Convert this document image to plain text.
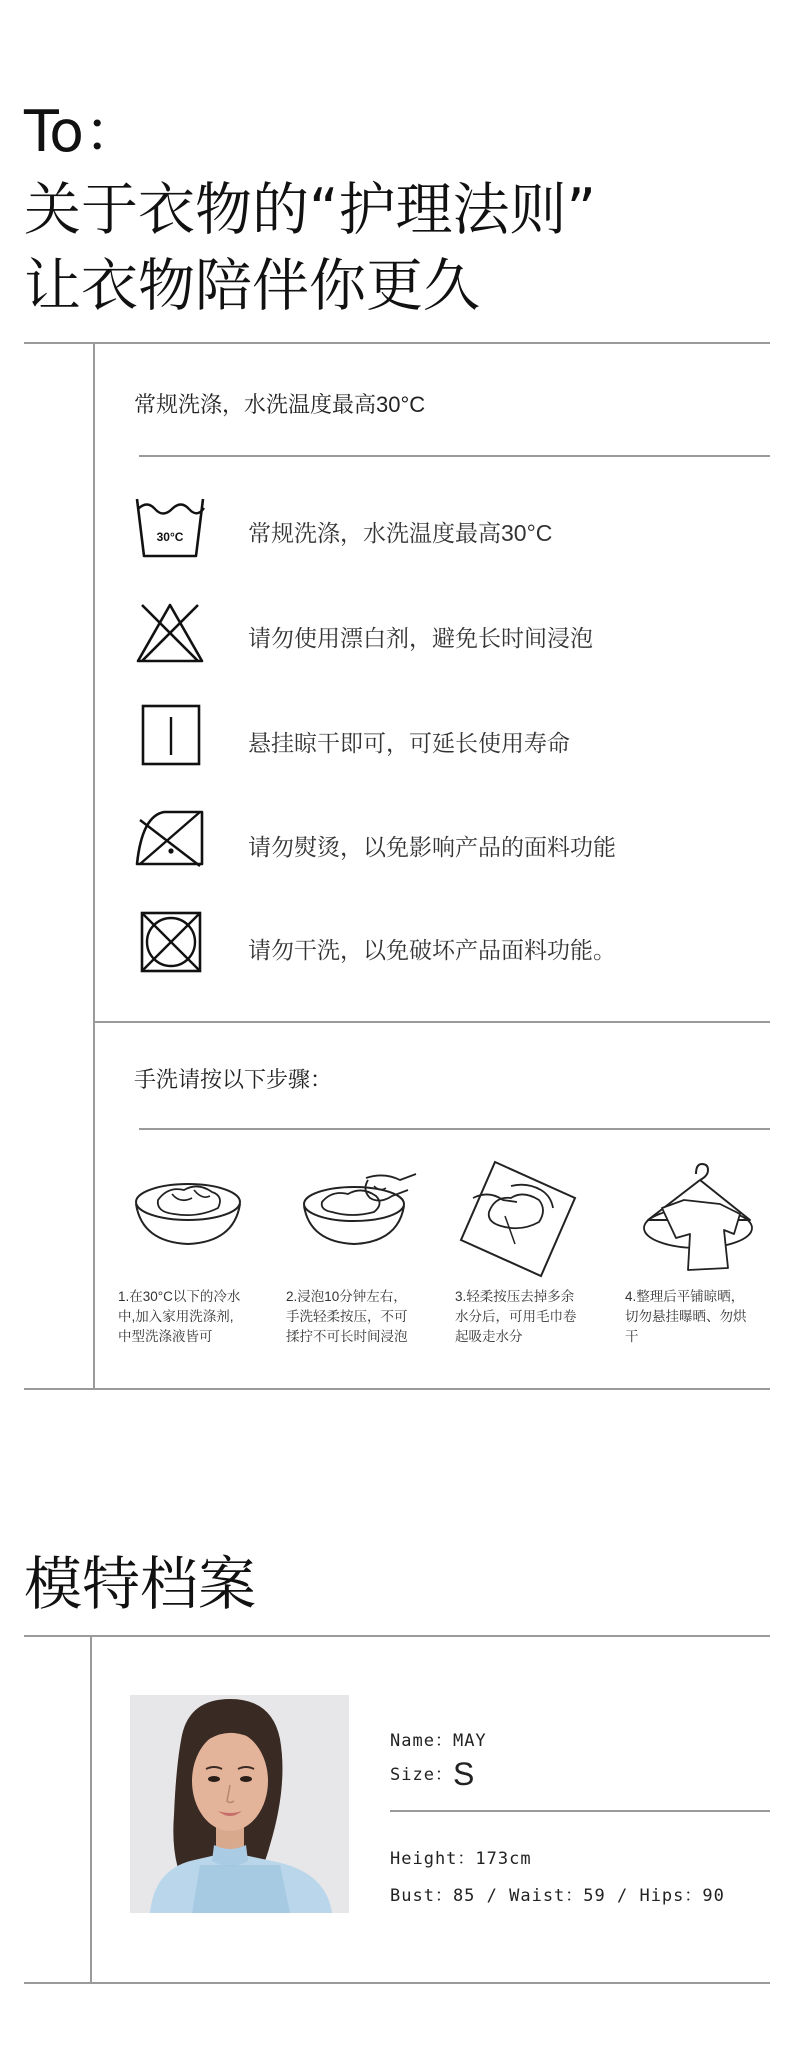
To：
关于衣物的“护理法则”
让衣物陪伴你更久
常规洗涤，水洗温度最高30°C
30°C	常规洗涤，水洗温度最高30°C
请勿使用漂白剂，避免长时间浸泡
悬挂晾干即可，可延长使用寿命
请勿熨烫，以免影响产品的面料功能
请勿干洗，以免破坏产品面料功能。
手洗请按以下步骤：
1.在30°C以下的冷水
中,加入家用洗涤剂,
中型洗涤液皆可
2.浸泡10分钟左右，
手洗轻柔按压，不可
揉拧不可长时间浸泡
3.轻柔按压去掉多余
水分后，可用毛巾卷
起吸走水分
4.整理后平铺晾晒，
切勿悬挂曝晒、勿烘
干
模特档案
Name：MAY
Size：S
Height：173cm
Bust：85 / Waist：59 / Hips：90
